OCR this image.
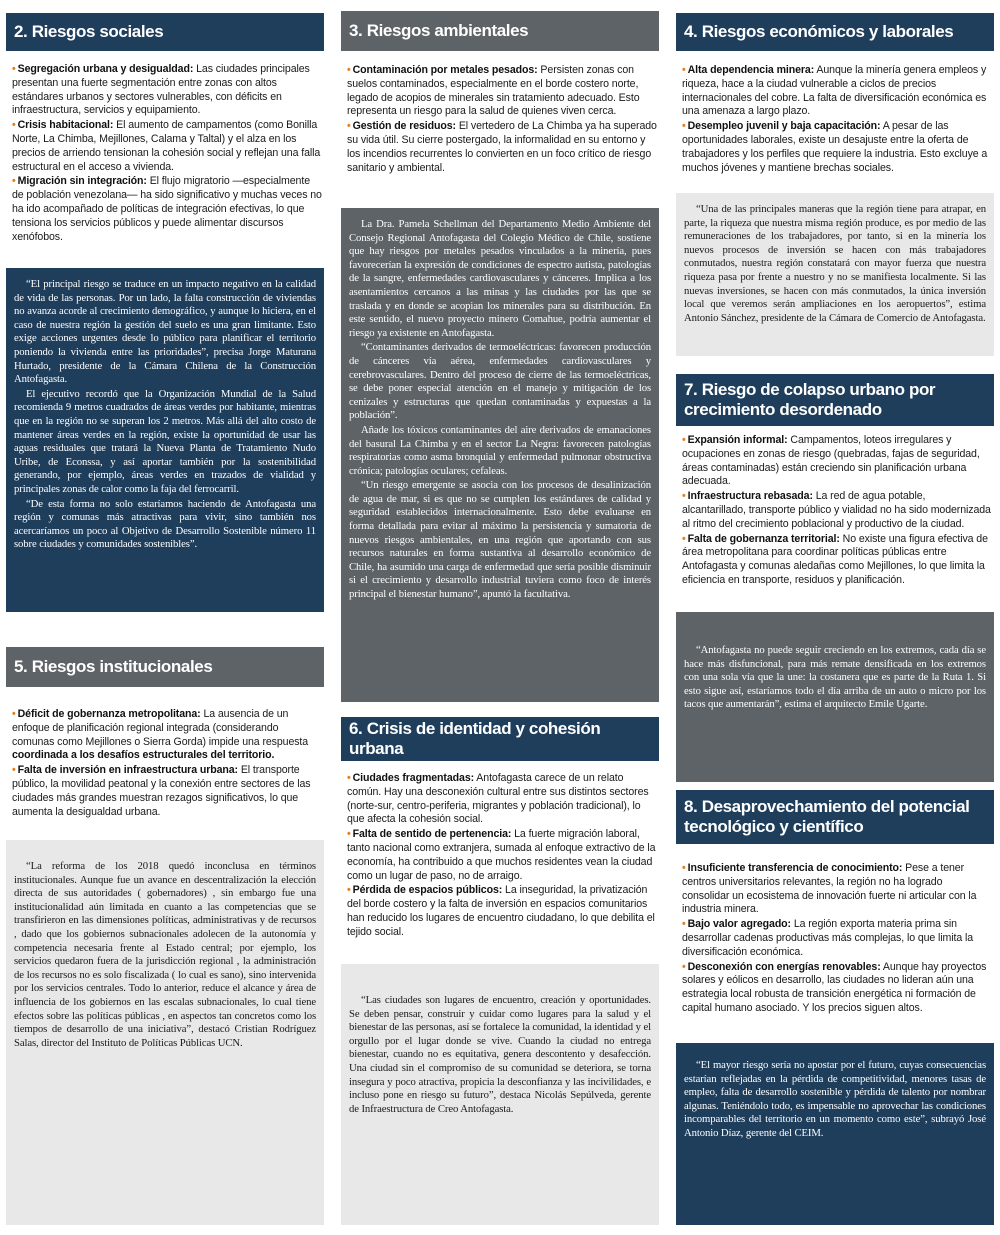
2. Riesgos sociales

• Segregación urbana y desigualdad: Las ciudades principales presentan una fuerte segmentación entre zonas con altos estándares urbanos y sectores vulnerables, con déficits en infraestructura, servicios y equipamiento.

• Crisis habitacional: El aumento de campamentos (como Bonilla Norte, La Chimba, Mejillones, Calama y Taltal) y el alza en los precios de arriendo tensionan la cohesión social y reflejan una falla estructural en el acceso a vivienda.

• Migración sin integración: El flujo migratorio —especialmente de población venezolana— ha sido significativo y muchas veces no ha ido acompañado de políticas de integración efectivas, lo que tensiona los servicios públicos y puede alimentar discursos xenófobos.

“El principal riesgo se traduce en un impacto negativo en la calidad de vida de las personas. Por un lado, la falta construcción de viviendas no avanza acorde al crecimiento demográfico, y aunque lo hiciera, en el caso de nuestra región la gestión del suelo es una gran limitante. Esto exige acciones urgentes desde lo público para planificar el territorio poniendo la vivienda entre las prioridades”, precisa Jorge Maturana Hurtado, presidente de la Cámara Chilena de la Construcción Antofagasta.

El ejecutivo recordó que la Organización Mundial de la Salud recomienda 9 metros cuadrados de áreas verdes por habitante, mientras que en la región no se superan los 2 metros. Más allá del alto costo de mantener áreas verdes en la región, existe la oportunidad de usar las aguas residuales que tratará la Nueva Planta de Tratamiento Nudo Uribe, de Econssa, y así aportar también por la sostenibilidad generando, por ejemplo, áreas verdes en trazados de vialidad y principales zonas de calor como la faja del ferrocarril.

“De esta forma no solo estaríamos haciendo de Antofagasta una región y comunas más atractivas para vivir, sino también nos acercaríamos un poco al Objetivo de Desarrollo Sostenible número 11 sobre ciudades y comunidades sostenibles”.

5. Riesgos institucionales

• Déficit de gobernanza metropolitana: La ausencia de un enfoque de planificación regional integrada (considerando comunas como Mejillones o Sierra Gorda) impide una respuesta coordinada a los desafíos estructurales del territorio.

• Falta de inversión en infraestructura urbana: El transporte público, la movilidad peatonal y la conexión entre sectores de las ciudades más grandes muestran rezagos significativos, lo que aumenta la desigualdad urbana.

“La reforma de los 2018 quedó inconclusa en términos institucionales. Aunque fue un avance en descentralización la elección directa de sus autoridades ( gobernadores) , sin embargo fue una institucionalidad aún limitada en cuanto a las competencias que se transfirieron en las dimensiones políticas, administrativas y de recursos , dado que los gobiernos subnacionales adolecen de la autonomía y competencia necesaria frente al Estado central; por ejemplo, los servicios quedaron fuera de la jurisdicción regional , la administración de los recursos no es solo fiscalizada ( lo cual es sano), sino intervenida por los servicios centrales. Todo lo anterior, reduce el alcance y área de influencia de los gobiernos en las escalas subnacionales, lo cual tiene efectos sobre las políticas públicas , en aspectos tan concretos como los tiempos de desarrollo de una iniciativa”, destacó Cristian Rodríguez Salas, director del Instituto de Políticas Públicas UCN.

3. Riesgos ambientales

• Contaminación por metales pesados: Persisten zonas con suelos contaminados, especialmente en el borde costero norte, legado de acopios de minerales sin tratamiento adecuado. Esto representa un riesgo para la salud de quienes viven cerca.

• Gestión de residuos: El vertedero de La Chimba ya ha superado su vida útil. Su cierre postergado, la informalidad en su entorno y los incendios recurrentes lo convierten en un foco crítico de riesgo sanitario y ambiental.

La Dra. Pamela Schellman del Departamento Medio Ambiente del Consejo Regional Antofagasta del Colegio Médico de Chile, sostiene que hay riesgos por metales pesados vinculados a la minería, pues favorecerían la expresión de condiciones de espectro autista, patologías de la sangre, enfermedades cardiovasculares y cánceres. Implica a los asentamientos cercanos a las minas y las ciudades por las que se traslada y en donde se acopian los minerales para su distribución. En este sentido, el nuevo proyecto minero Comahue, podría aumentar el riesgo ya existente en Antofagasta.

“Contaminantes derivados de termoeléctricas: favorecen producción de cánceres vía aérea, enfermedades cardiovasculares y cerebrovasculares. Dentro del proceso de cierre de las termoeléctricas, se debe poner especial atención en el manejo y mitigación de los cenizales y estructuras que quedan contaminadas y expuestas a la población”.

Añade los tóxicos contaminantes del aire derivados de emanaciones del basural La Chimba y en el sector La Negra: favorecen patologías respiratorias como asma bronquial y enfermedad pulmonar obstructiva crónica; patologías oculares; cefaleas.

“Un riesgo emergente se asocia con los procesos de desalinización de agua de mar, si es que no se cumplen los estándares de calidad y seguridad establecidos internacionalmente. Esto debe evaluarse en forma detallada para evitar al máximo la persistencia y sumatoria de nuevos riesgos ambientales, en una región que aportando con sus recursos naturales en forma sustantiva al desarrollo económico de Chile, ha asumido una carga de enfermedad que sería posible disminuir si el crecimiento y desarrollo industrial tuviera como foco de interés principal el bienestar humano”, apuntó la facultativa.

6. Crisis de identidad y cohesión urbana

• Ciudades fragmentadas: Antofagasta carece de un relato común. Hay una desconexión cultural entre sus distintos sectores (norte-sur, centro-periferia, migrantes y población tradicional), lo que afecta la cohesión social.

• Falta de sentido de pertenencia: La fuerte migración laboral, tanto nacional como extranjera, sumada al enfoque extractivo de la economía, ha contribuido a que muchos residentes vean la ciudad como un lugar de paso, no de arraigo.

• Pérdida de espacios públicos: La inseguridad, la privatización del borde costero y la falta de inversión en espacios comunitarios han reducido los lugares de encuentro ciudadano, lo que debilita el tejido social.

“Las ciudades son lugares de encuentro, creación y oportunidades. Se deben pensar, construir y cuidar como lugares para la salud y el bienestar de las personas, así se fortalece la comunidad, la identidad y el orgullo por el lugar donde se vive. Cuando la ciudad no entrega bienestar, cuando no es equitativa, genera descontento y desafección. Una ciudad sin el compromiso de su comunidad se deteriora, se torna insegura y poco atractiva, propicia la desconfianza y las incivilidades, e incluso pone en riesgo su futuro”, destaca Nicolás Sepúlveda, gerente de Infraestructura de Creo Antofagasta.

4. Riesgos económicos y laborales

• Alta dependencia minera: Aunque la minería genera empleos y riqueza, hace a la ciudad vulnerable a ciclos de precios internacionales del cobre. La falta de diversificación económica es una amenaza a largo plazo.

• Desempleo juvenil y baja capacitación: A pesar de las oportunidades laborales, existe un desajuste entre la oferta de trabajadores y los perfiles que requiere la industria. Esto excluye a muchos jóvenes y mantiene brechas sociales.

“Una de las principales maneras que la región tiene para atrapar, en parte, la riqueza que nuestra misma región produce, es por medio de las remuneraciones de los trabajadores, por tanto, si en la minería los nuevos procesos de inversión se hacen con más trabajadores conmutados, nuestra región constatará con mayor fuerza que nuestra riqueza pasa por frente a nuestro y no se manifiesta localmente. Si las nuevas inversiones, se hacen con más conmutados, la única inversión local que veremos serán ampliaciones en los aeropuertos”, estima Antonio Sánchez, presidente de la Cámara de Comercio de Antofagasta.

7. Riesgo de colapso urbano por
crecimiento desordenado

• Expansión informal: Campamentos, loteos irregulares y ocupaciones en zonas de riesgo (quebradas, fajas de seguridad, áreas contaminadas) están creciendo sin planificación urbana adecuada.

• Infraestructura rebasada: La red de agua potable, alcantarillado, transporte público y vialidad no ha sido modernizada al ritmo del crecimiento poblacional y productivo de la ciudad.

• Falta de gobernanza territorial: No existe una figura efectiva de área metropolitana para coordinar políticas públicas entre Antofagasta y comunas aledañas como Mejillones, lo que limita la eficiencia en transporte, residuos y planificación.

“Antofagasta no puede seguir creciendo en los extremos, cada día se hace más disfuncional, para más remate densificada en los extremos con una sola vía que la une: la costanera que es parte de la Ruta 1. Si esto sigue así, estaríamos todo el día arriba de un auto o micro por los tacos que aumentarán”, estima el arquitecto Emile Ugarte.

8. Desaprovechamiento del potencial
tecnológico y científico

• Insuficiente transferencia de conocimiento: Pese a tener centros universitarios relevantes, la región no ha logrado consolidar un ecosistema de innovación fuerte ni articular con la industria minera.

• Bajo valor agregado: La región exporta materia prima sin desarrollar cadenas productivas más complejas, lo que limita la diversificación económica.

• Desconexión con energías renovables: Aunque hay proyectos solares y eólicos en desarrollo, las ciudades no lideran aún una estrategia local robusta de transición energética ni formación de capital humano asociado. Y los precios siguen altos.

“El mayor riesgo sería no apostar por el futuro, cuyas consecuencias estarían reflejadas en la pérdida de competitividad, menores tasas de empleo, falta de desarrollo sostenible y pérdida de talento por nombrar algunas. Teniéndolo todo, es impensable no aprovechar las condiciones incomparables del territorio en un momento como este”, subrayó José Antonio Díaz, gerente del CEIM.
